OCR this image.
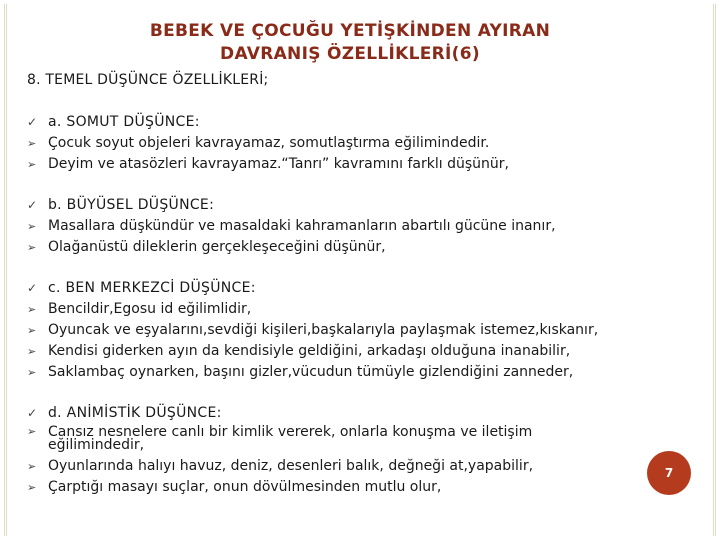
BEBEK VE ÇOCUĞU YETİŞKİNDEN AYIRAN
DAVRANIŞ ÖZELLİKLERİ(6)
8. TEMEL DÜŞÜNCE ÖZELLİKLERİ;
✓ a. SOMUT DÜŞÜNCE:
➢ Çocuk soyut objeleri kavrayamaz, somutlaştırma eğilimindedir.
➢ Deyim ve atasözleri kavrayamaz.“Tanrı” kavramını farklı düşünür,
✓ b. BÜYÜSEL DÜŞÜNCE:
➢ Masallara düşkündür ve masaldaki kahramanların abartılı gücüne inanır,
➢ Olağanüstü dileklerin gerçekleşeceğini düşünür,
✓ c. BEN MERKEZCİ DÜŞÜNCE:
➢ Bencildir,Egosu id eğilimlidir,
➢ Oyuncak ve eşyalarını,sevdiği kişileri,başkalarıyla paylaşmak istemez,kıskanır,
➢ Kendisi giderken ayın da kendisiyle geldiğini, arkadaşı olduğuna inanabilir,
➢ Saklambaç oynarken, başını gizler,vücudun tümüyle gizlendiğini zanneder,
✓ d. ANİMİSTİK DÜŞÜNCE:
➢ Cansız nesnelere canlı bir kimlik vererek, onlarla konuşma ve iletişim eğilimindedir,
➢ Oyunlarında halıyı havuz, deniz, desenleri balık, değneği at,yapabilir,
➢ Çarptığı masayı suçlar, onun dövülmesinden mutlu olur,
7
